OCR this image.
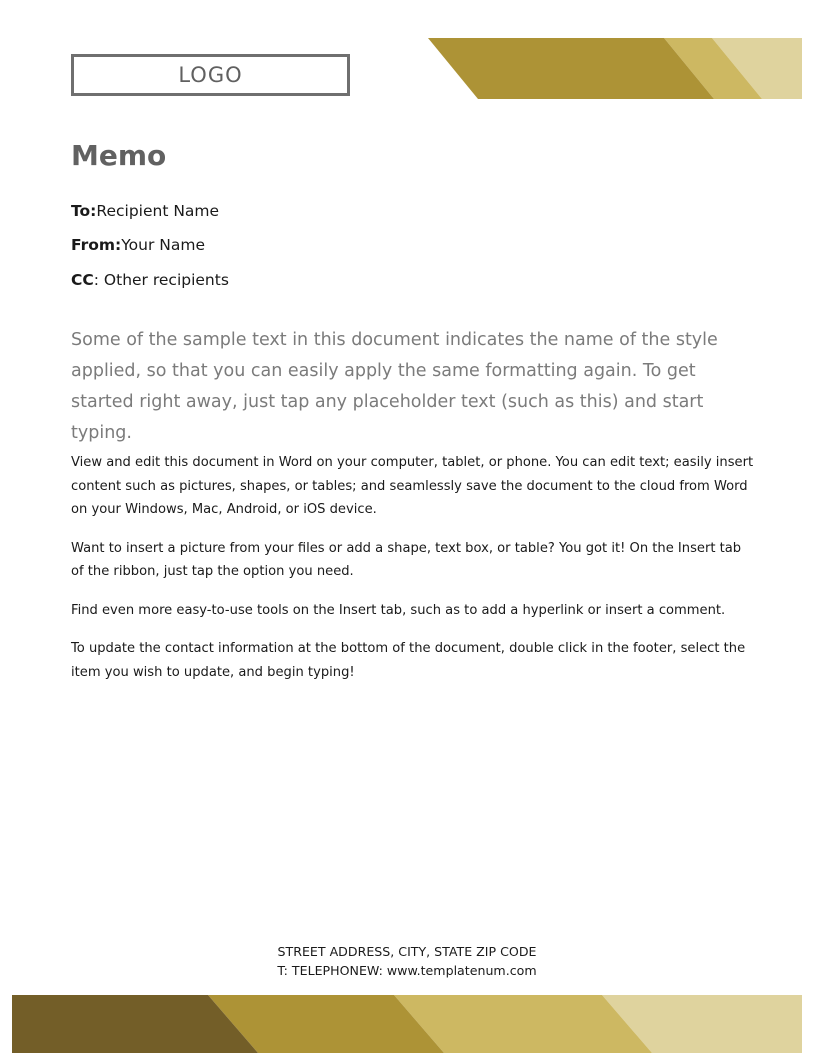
LOGO
Memo
To:Recipient Name
From:Your Name
CC: Other recipients
Some of the sample text in this document indicates the name of the style applied, so that you can easily apply the same formatting again. To get started right away, just tap any placeholder text (such as this) and start typing.

View and edit this document in Word on your computer, tablet, or phone. You can edit text; easily insert content such as pictures, shapes, or tables; and seamlessly save the document to the cloud from Word on your Windows, Mac, Android, or iOS device.

Want to insert a picture from your files or add a shape, text box, or table? You got it! On the Insert tab of the ribbon, just tap the option you need.

Find even more easy-to-use tools on the Insert tab, such as to add a hyperlink or insert a comment.

To update the contact information at the bottom of the document, double click in the footer, select the item you wish to update, and begin typing!

STREET ADDRESS, CITY, STATE ZIP CODE
T: TELEPHONEW: www.templatenum.com
